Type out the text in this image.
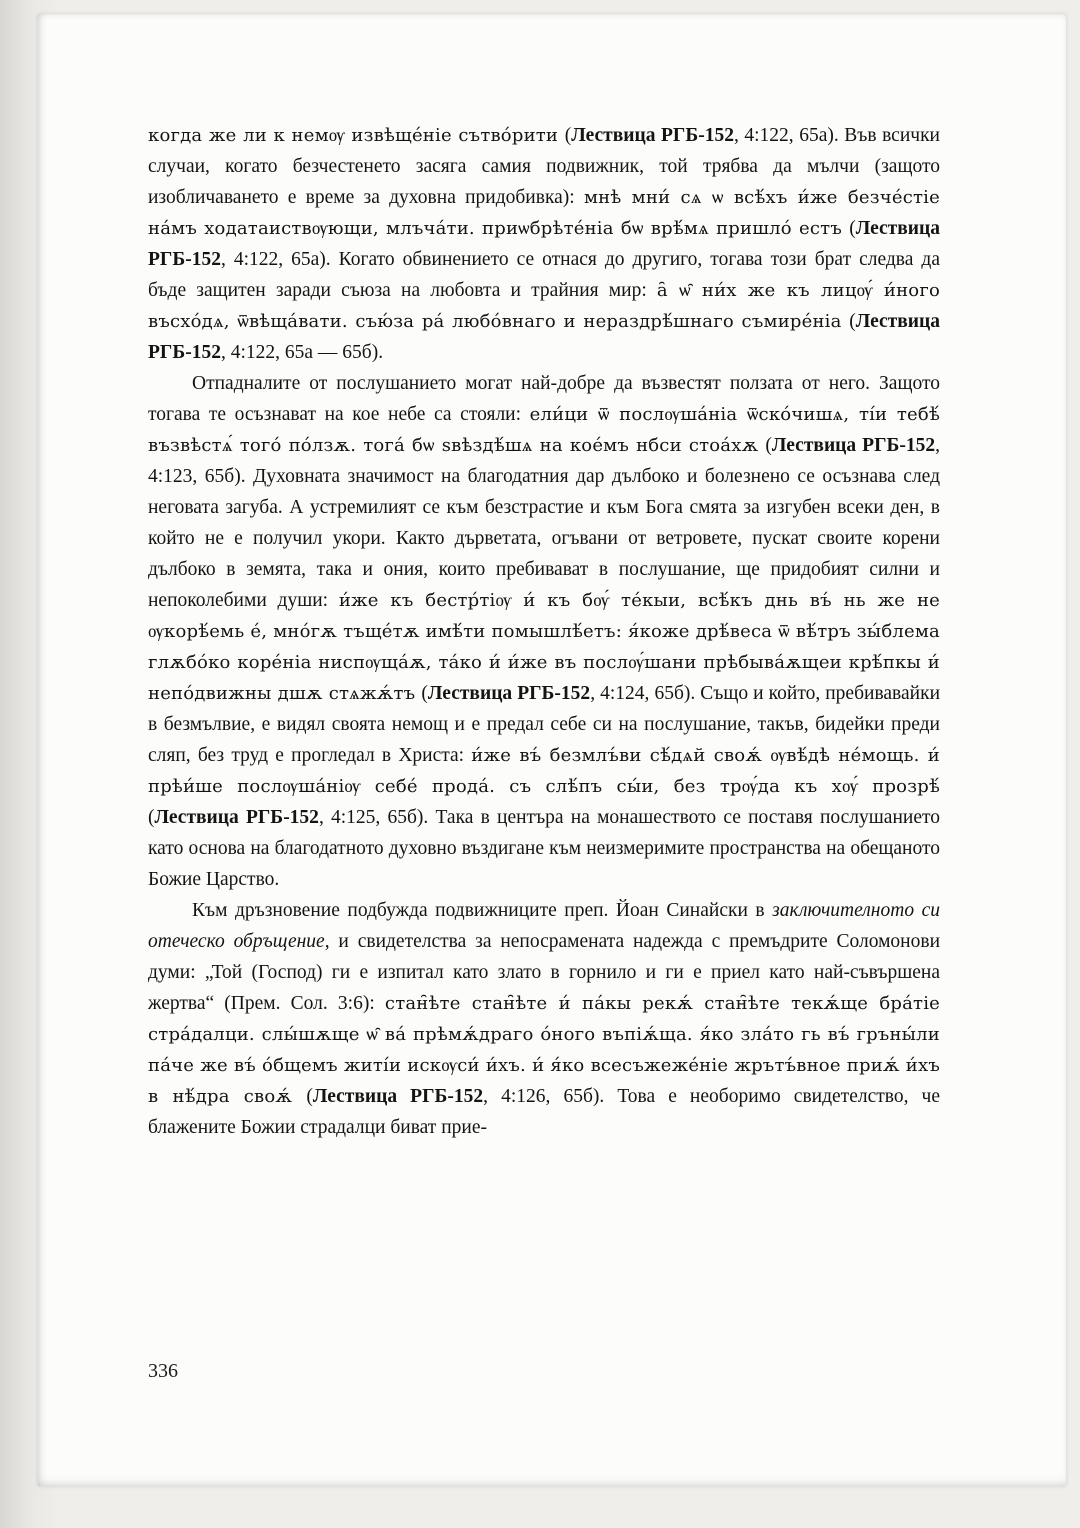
когда же ли к немѹ извѣще́ніе сътво́рити (Лествица РГБ-152, 4:122, 65а). Във всички случаи, когато безчестенето засяга самия подвижник, той трябва да мълчи (защото изобличаването е време за духовна придобивка): мнѣ мни́ сѧ ѡ всѣ́хъ и́же безче́стіе на́мъ ходатаиствѹющи, млъча́ти. приѡбрѣте́ніа бѡ врѣ́мѧ пришло́ естъ (Лествица РГБ-152, 4:122, 65а). Когато обвинението се отнася до другиго, тогава този брат следва да бъде защитен заради съюза на любовта и трайния мир: а̑ ѡ̑ ни́х же къ лицѹ́ и́ного въсхо́дѧ, ѿвѣща́вати. съю́за ра́ любо́внаго и нераздрѣ́шнаго съмире́ніа (Лествица РГБ-152, 4:122, 65а — 65б).

Отпадналите от послушанието могат най-добре да възвестят ползата от него. Защото тогава те осъзнават на кое небе са стояли: ели́ци ѿ послѹша́ніа ѿско́чишѧ, ті́и тебѣ́ възвѣстѧ́ того́ по́лзѫ. тога́ бѡ ѕвѣздѣ́шѧ на кое́мъ нбси стоа́хѫ (Лествица РГБ-152, 4:123, 65б). Духовната значимост на благодатния дар дълбоко и болезнено се осъзнава след неговата загуба. А устремилият се към безстрастие и към Бога смята за изгубен всеки ден, в който не е получил укори. Както дърветата, огъвани от ветровете, пускат своите корени дълбоко в земята, така и ония, които пребивават в послушание, ще придобият силни и непоколебими души: и́же къ бестр́тіѹ и́ къ бѹ́ те́кыи, всѣ́къ днь въ́ нь же не ѹкорѣ́емь е́, мно́гѫ тъще́тѫ имѣ́ти помышлѣ́етъ: я́коже дрѣ́веса ѿ вѣ́тръ зы́блема глѫбо́ко коре́ніа ниспѹща́ѫ, та́ко и́ и́же въ послѹ́шани прѣбыва́ѫщеи крѣ́пкы и́ непо́движны дшѫ стѧжѫ́тъ (Лествица РГБ-152, 4:124, 65б). Също и който, пребивавайки в безмълвие, е видял своята немощ и е предал себе си на послушание, такъв, бидейки преди сляп, без труд е прогледал в Христа: и́же въ́ безмлъ́ви сѣ́дѧй своѫ́ ѹвѣ́дѣ не́мощь. и́ прѣи́ше послѹша́ніѹ себе́ прода́. съ слѣ́пъ сы́и, без трѹ́да къ хѹ́ прозрѣ́ (Лествица РГБ-152, 4:125, 65б). Така в центъра на монашеството се поставя послушанието като основа на благодатното духовно въздигане към неизмеримите пространства на обещаното Божие Царство.

Към дръзновение подбужда подвижниците преп. Йоан Синайски в заключителното си отеческо обръщение, и свидетелства за непосрамената надежда с премъдрите Соломонови думи: „Той (Господ) ги е изпитал като злато в горнило и ги е приел като най-съвършена жертва“ (Прем. Сол. 3:6): стан̑ѣте стан̑ѣте и́ па́кы рекѫ́ стан̑ѣте текѫ́ще бра́тіе стра́далци. слы́шѫще ѡ̑ ва́ прѣмѫ́драго о́ного въпіѫ́ща. я́ко зла́то гь въ́ гръны́ли па́че же въ́ о́бщемъ житі́и искѹси́ и́хъ. и́ я́ко всесъжеже́ніе жрътъ́вное приѫ́ и́хъ в нѣ́дра своѫ́ (Лествица РГБ-152, 4:126, 65б). Това е необоримо свидетелство, че блажените Божии страдалци биват прие-

336
